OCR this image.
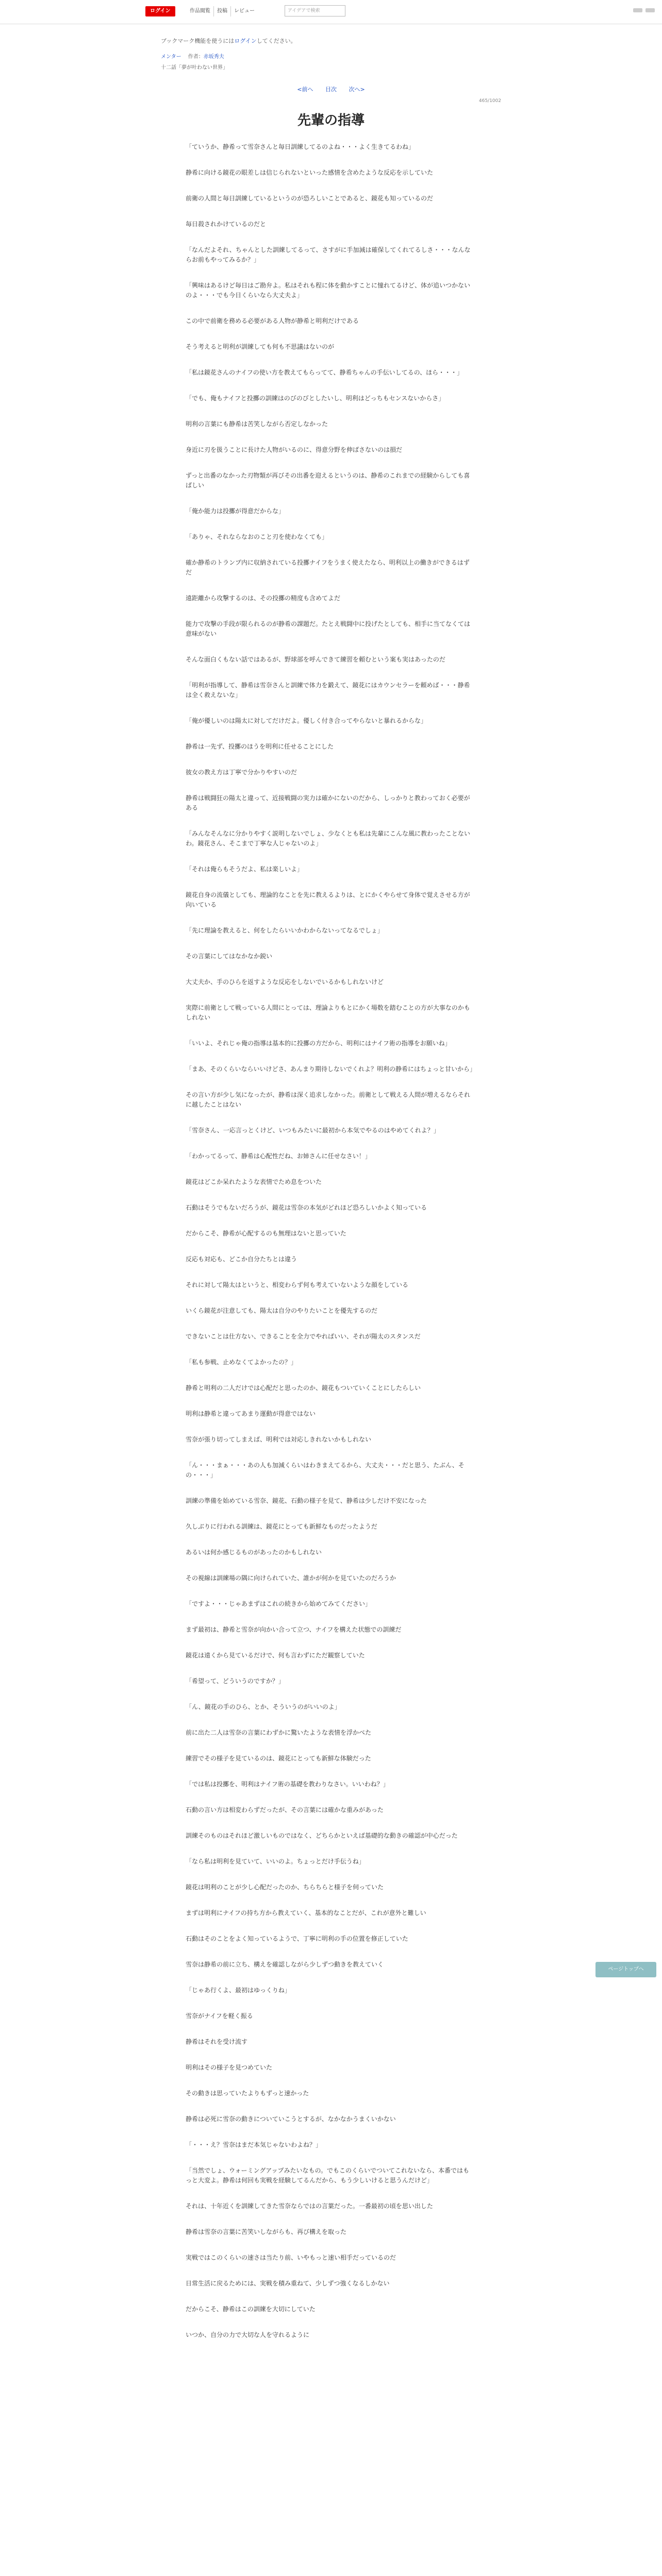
ログイン	作品閲覧	投稿	レビュー	アイデアで検索
ブックマーク機能を使うにはログインしてください。
メンター 作者：赤坂秀夫
十二話「夢が叶わない世界」
<前へ 目次 次へ>
465/1002
先輩の指導

「ていうか、静希って雪奈さんと毎日訓練してるのよね・・・よく生きてるわね」

静希に向ける鏡花の眼差しは信じられないといった感情を含めたような反応を示していた

前衛の人間と毎日訓練しているというのが恐ろしいことであると、鏡花も知っているのだ

毎日殺されかけているのだと

「なんだよそれ、ちゃんとした訓練してるって、さすがに手加減は確保してくれてるしさ・・・なんならお前もやってみるか？」

「興味はあるけど毎日はご勘弁よ。私はそれも程に体を動かすことに憧れてるけど、体が追いつかないのよ・・・でも今日くらいなら大丈夫よ」

この中で前衛を務める必要がある人物が静希と明利だけである

そう考えると明利が訓練しても何も不思議はないのが

「私は鏡花さんのナイフの使い方を教えてもらってて、静希ちゃんの手伝いしてるの、ほら・・・」

「でも、俺もナイフと投擲の訓練はのびのびとしたいし、明利はどっちもセンスないからさ」

明利の言葉にも静希は苦笑しながら否定しなかった

身近に刃を扱うことに長けた人物がいるのに、得意分野を伸ばさないのは損だ

ずっと出番のなかった刃物類が再びその出番を迎えるというのは、静希のこれまでの経験からしても喜ばしい

「俺か能力は投擲が得意だからな」

「ありゃ、それならなおのこと刃を使わなくても」

確か静希のトランプ内に収納されている投擲ナイフをうまく使えたなら、明利以上の働きができるはずだ

遠距離から攻撃するのは、その投擲の精度も含めてよだ

能力で攻撃の手段が限られるのが静希の課題だ。たとえ戦闘中に投げたとしても、相手に当てなくては意味がない

そんな面白くもない話ではあるが、野球部を呼んできて練習を頼むという案も実はあったのだ

「明利が指導して、静希は雪奈さんと訓練で体力を鍛えて、鏡花にはカウンセラーを頼めば・・・静希は全く救えないな」

「俺が優しいのは陽太に対してだけだよ。優しく付き合ってやらないと暴れるからな」

静希は一先ず、投擲のほうを明利に任せることにした

彼女の教え方は丁寧で分かりやすいのだ

静希は戦闘狂の陽太と違って、近接戦闘の実力は確かにないのだから、しっかりと教わっておく必要がある

「みんなそんなに分かりやすく説明しないでしょ、少なくとも私は先輩にこんな風に教わったことないわ。鏡花さん、そこまで丁寧な人じゃないのよ」

「それは俺らもそうだよ、私は楽しいよ」

鏡花自身の流儀としても、理論的なことを先に教えるよりは、とにかくやらせて身体で覚えさせる方が向いている

「先に理論を教えると、何をしたらいいかわからないってなるでしょ」

その言葉にしてはなかなか鋭い

大丈夫か、手のひらを返すような反応をしないでいるかもしれないけど

実際に前衛として戦っている人間にとっては、理論よりもとにかく場数を踏むことの方が大事なのかもしれない

「いいよ、それじゃ俺の指導は基本的に投擲の方だから、明利にはナイフ術の指導をお願いね」

「まあ、そのくらいならいいけどさ、あんまり期待しないでくれよ？明利の静希にはちょっと甘いから」

その言い方が少し気になったが、静希は深く追求しなかった。前衛として戦える人間が増えるならそれに越したことはない

「雪奈さん、一応言っとくけど、いつもみたいに最初から本気でやるのはやめてくれよ？」

「わかってるって、静希は心配性だね、お姉さんに任せなさい！」

鏡花はどこか呆れたような表情でため息をついた

石動はそうでもないだろうが、鏡花は雪奈の本気がどれほど恐ろしいかよく知っている

だからこそ、静希が心配するのも無理はないと思っていた

反応も対応も、どこか自分たちとは違う

それに対して陽太はというと、相変わらず何も考えていないような顔をしている

いくら鏡花が注意しても、陽太は自分のやりたいことを優先するのだ

できないことは仕方ない、できることを全力でやればいい、それが陽太のスタンスだ

「私も参戦、止めなくてよかったの？」

静希と明利の二人だけでは心配だと思ったのか、鏡花もついていくことにしたらしい

明利は静希と違ってあまり運動が得意ではない

雪奈が張り切ってしまえば、明利では対応しきれないかもしれない

「ん・・・まぁ・・・あの人も加減くらいはわきまえてるから、大丈夫・・・だと思う、たぶん、その・・・」

訓練の準備を始めている雪奈、鏡花、石動の様子を見て、静希は少しだけ不安になった

久しぶりに行われる訓練は、鏡花にとっても新鮮なものだったようだ

あるいは何か感じるものがあったのかもしれない

その視線は訓練場の隅に向けられていた、誰かが何かを見ていたのだろうか

「ですよ・・・じゃあまずはこれの続きから始めてみてください」

まず最初は、静希と雪奈が向かい合って立つ、ナイフを構えた状態での訓練だ

鏡花は遠くから見ているだけで、何も言わずにただ観察していた

「希望って、どういうのですか？」

「ん、鏡花の手のひら、とか、そういうのがいいのよ」

前に出た二人は雪奈の言葉にわずかに驚いたような表情を浮かべた

練習でその様子を見ているのは、鏡花にとっても新鮮な体験だった

「では私は投擲を、明利はナイフ術の基礎を教わりなさい。いいわね？」

石動の言い方は相変わらずだったが、その言葉には確かな重みがあった

訓練そのものはそれほど激しいものではなく、どちらかといえば基礎的な動きの確認が中心だった

「なら私は明利を見ていて、いいのよ。ちょっとだけ手伝うね」

鏡花は明利のことが少し心配だったのか、ちらちらと様子を伺っていた

まずは明利にナイフの持ち方から教えていく、基本的なことだが、これが意外と難しい

石動はそのことをよく知っているようで、丁寧に明利の手の位置を修正していた

雪奈は静希の前に立ち、構えを確認しながら少しずつ動きを教えていく

「じゃあ行くよ、最初はゆっくりね」

雪奈がナイフを軽く振る

静希はそれを受け流す

明利はその様子を見つめていた

その動きは思っていたよりもずっと速かった

静希は必死に雪奈の動きについていこうとするが、なかなかうまくいかない

「・・・え？雪奈はまだ本気じゃないわよね？」

「当然でしょ、ウォーミングアップみたいなもの。でもこのくらいでついてこれないなら、本番ではもっと大変よ。静希は何回も実戦を経験してるんだから、もう少しいけると思うんだけど」

それは、十年近くを訓練してきた雪奈ならではの言葉だった。一番最初の頃を思い出した

静希は雪奈の言葉に苦笑いしながらも、再び構えを取った

実戦ではこのくらいの速さは当たり前、いやもっと速い相手だっているのだ

日常生活に戻るためには、実戦を積み重ねて、少しずつ強くなるしかない

だからこそ、静希はこの訓練を大切にしていた

いつか、自分の力で大切な人を守れるように

ページトップへ
